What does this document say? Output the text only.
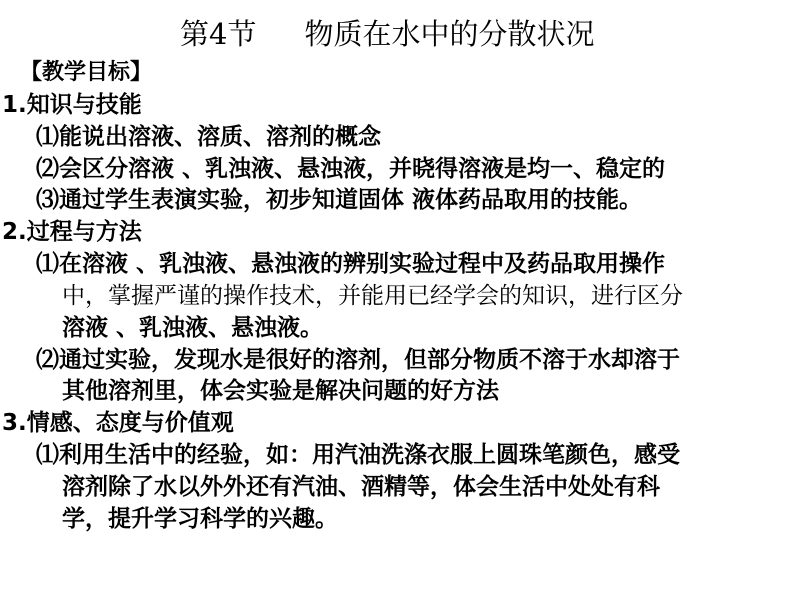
第4节 物质在水中的分散状况
【教学目标】
1.知识与技能
⑴能说出溶液、溶质、溶剂的概念
⑵会区分溶液 、乳浊液、悬浊液，并晓得溶液是均一、稳定的
⑶通过学生表演实验，初步知道固体 液体药品取用的技能。
2.过程与方法
⑴在溶液 、乳浊液、悬浊液的辨别实验过程中及药品取用操作
中，掌握严谨的操作技术，并能用已经学会的知识，进行区分
溶液 、乳浊液、悬浊液。
⑵通过实验，发现水是很好的溶剂，但部分物质不溶于水却溶于
其他溶剂里，体会实验是解决问题的好方法
3.情感、态度与价值观
⑴利用生活中的经验，如：用汽油洗涤衣服上圆珠笔颜色，感受
溶剂除了水以外外还有汽油、酒精等，体会生活中处处有科
学，提升学习科学的兴趣。
